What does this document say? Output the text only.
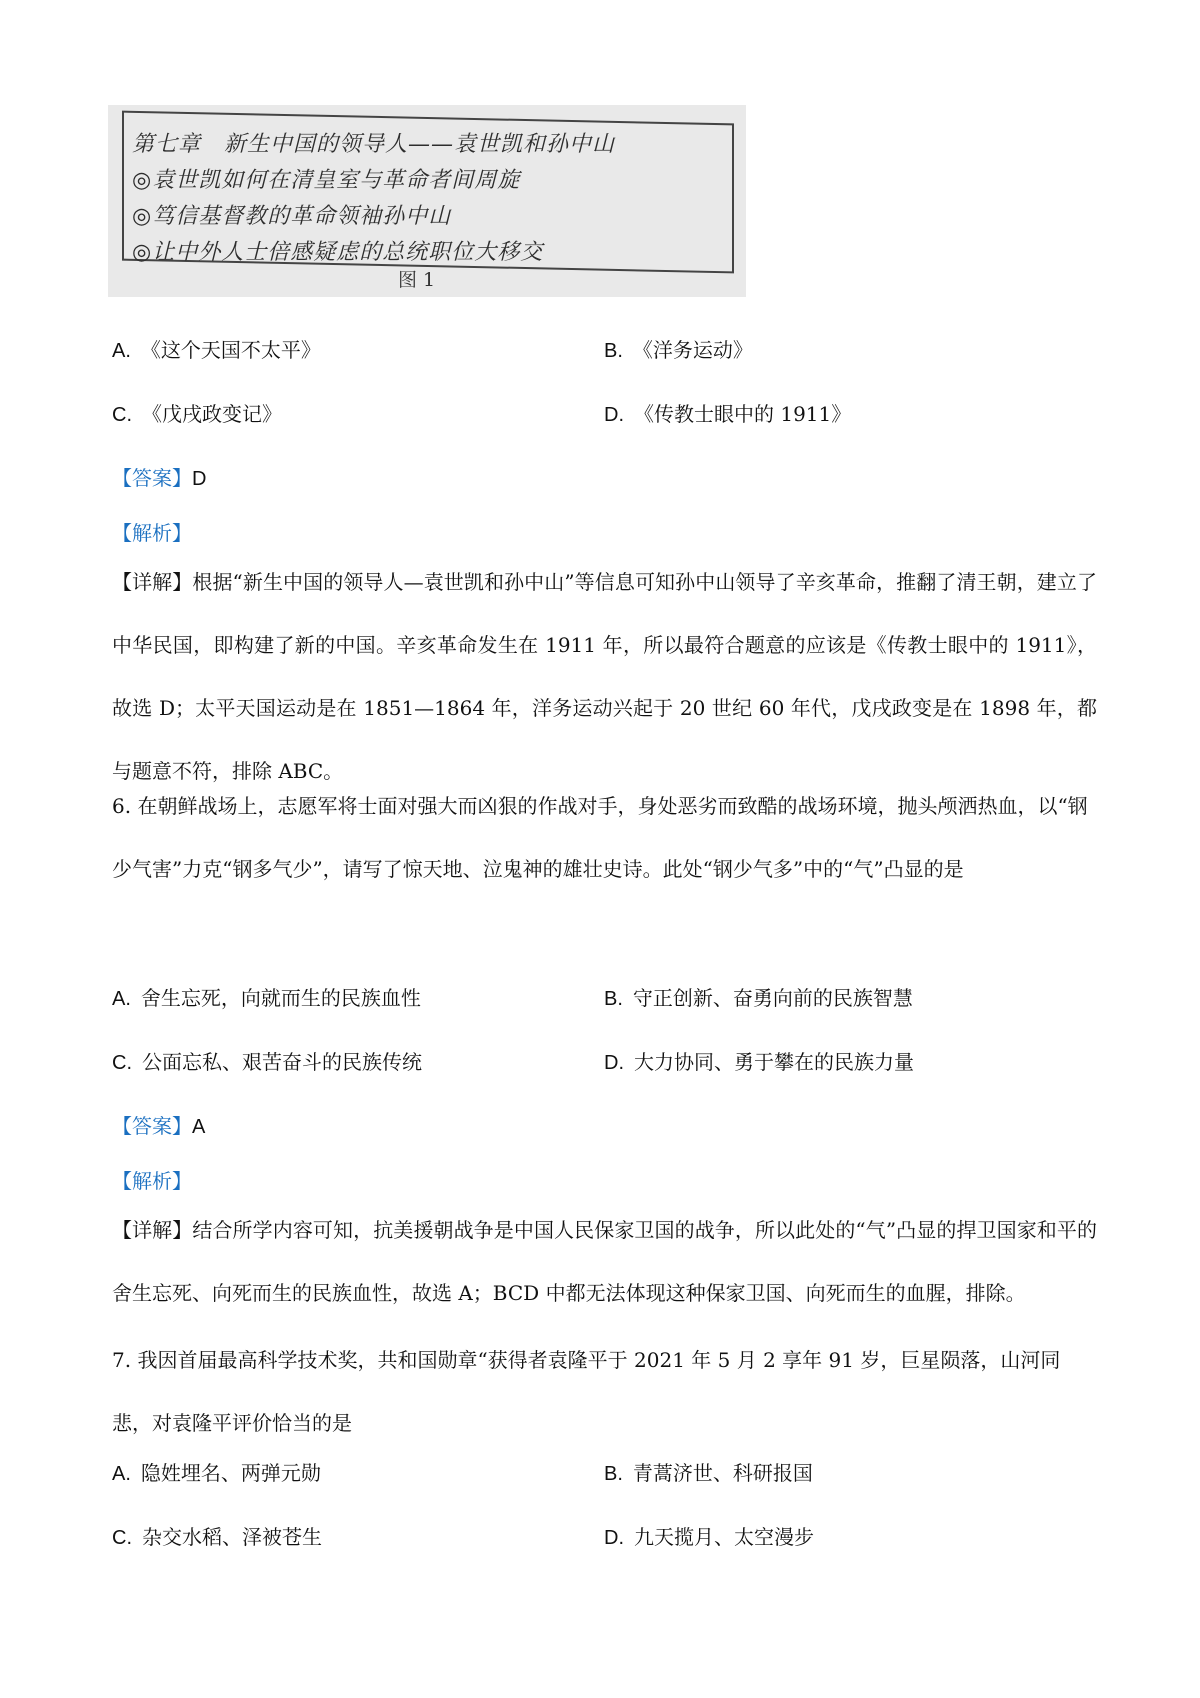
第七章　新生中国的领导人——袁世凯和孙中山
◎袁世凯如何在清皇室与革命者间周旋
◎笃信基督教的革命领袖孙中山
◎让中外人士倍感疑虑的总统职位大移交
图 1
A. 《这个天国不太平》	B. 《洋务运动》
C. 《戊戌政变记》	D. 《传教士眼中的 1911》
【答案】D
【解析】
【详解】根据“新生中国的领导人—袁世凯和孙中山”等信息可知孙中山领导了辛亥革命，推翻了清王朝，建立了中华民国，即构建了新的中国。辛亥革命发生在 1911 年，所以最符合题意的应该是《传教士眼中的 1911》，故选 D；太平天国运动是在 1851—1864 年，洋务运动兴起于 20 世纪 60 年代，戊戌政变是在 1898 年，都与题意不符，排除 ABC。
6. 在朝鲜战场上，志愿军将士面对强大而凶狠的作战对手，身处恶劣而致酷的战场环境，抛头颅洒热血，以“钢少气害”力克“钢多气少”，请写了惊天地、泣鬼神的雄壮史诗。此处“钢少气多”中的“气”凸显的是
A. 舍生忘死，向就而生的民族血性	B. 守正创新、奋勇向前的民族智慧
C. 公面忘私、艰苦奋斗的民族传统	D. 大力协同、勇于攀在的民族力量
【答案】A
【解析】
【详解】结合所学内容可知，抗美援朝战争是中国人民保家卫国的战争，所以此处的“气”凸显的捍卫国家和平的舍生忘死、向死而生的民族血性，故选 A；BCD 中都无法体现这种保家卫国、向死而生的血腥，排除。
7. 我因首届最高科学技术奖，共和国勋章“获得者袁隆平于 2021 年 5 月 2 享年 91 岁，巨星陨落，山河同悲，对袁隆平评价恰当的是
A. 隐姓埋名、两弹元勋	B. 青蒿济世、科研报国
C. 杂交水稻、泽被苍生	D. 九天揽月、太空漫步
